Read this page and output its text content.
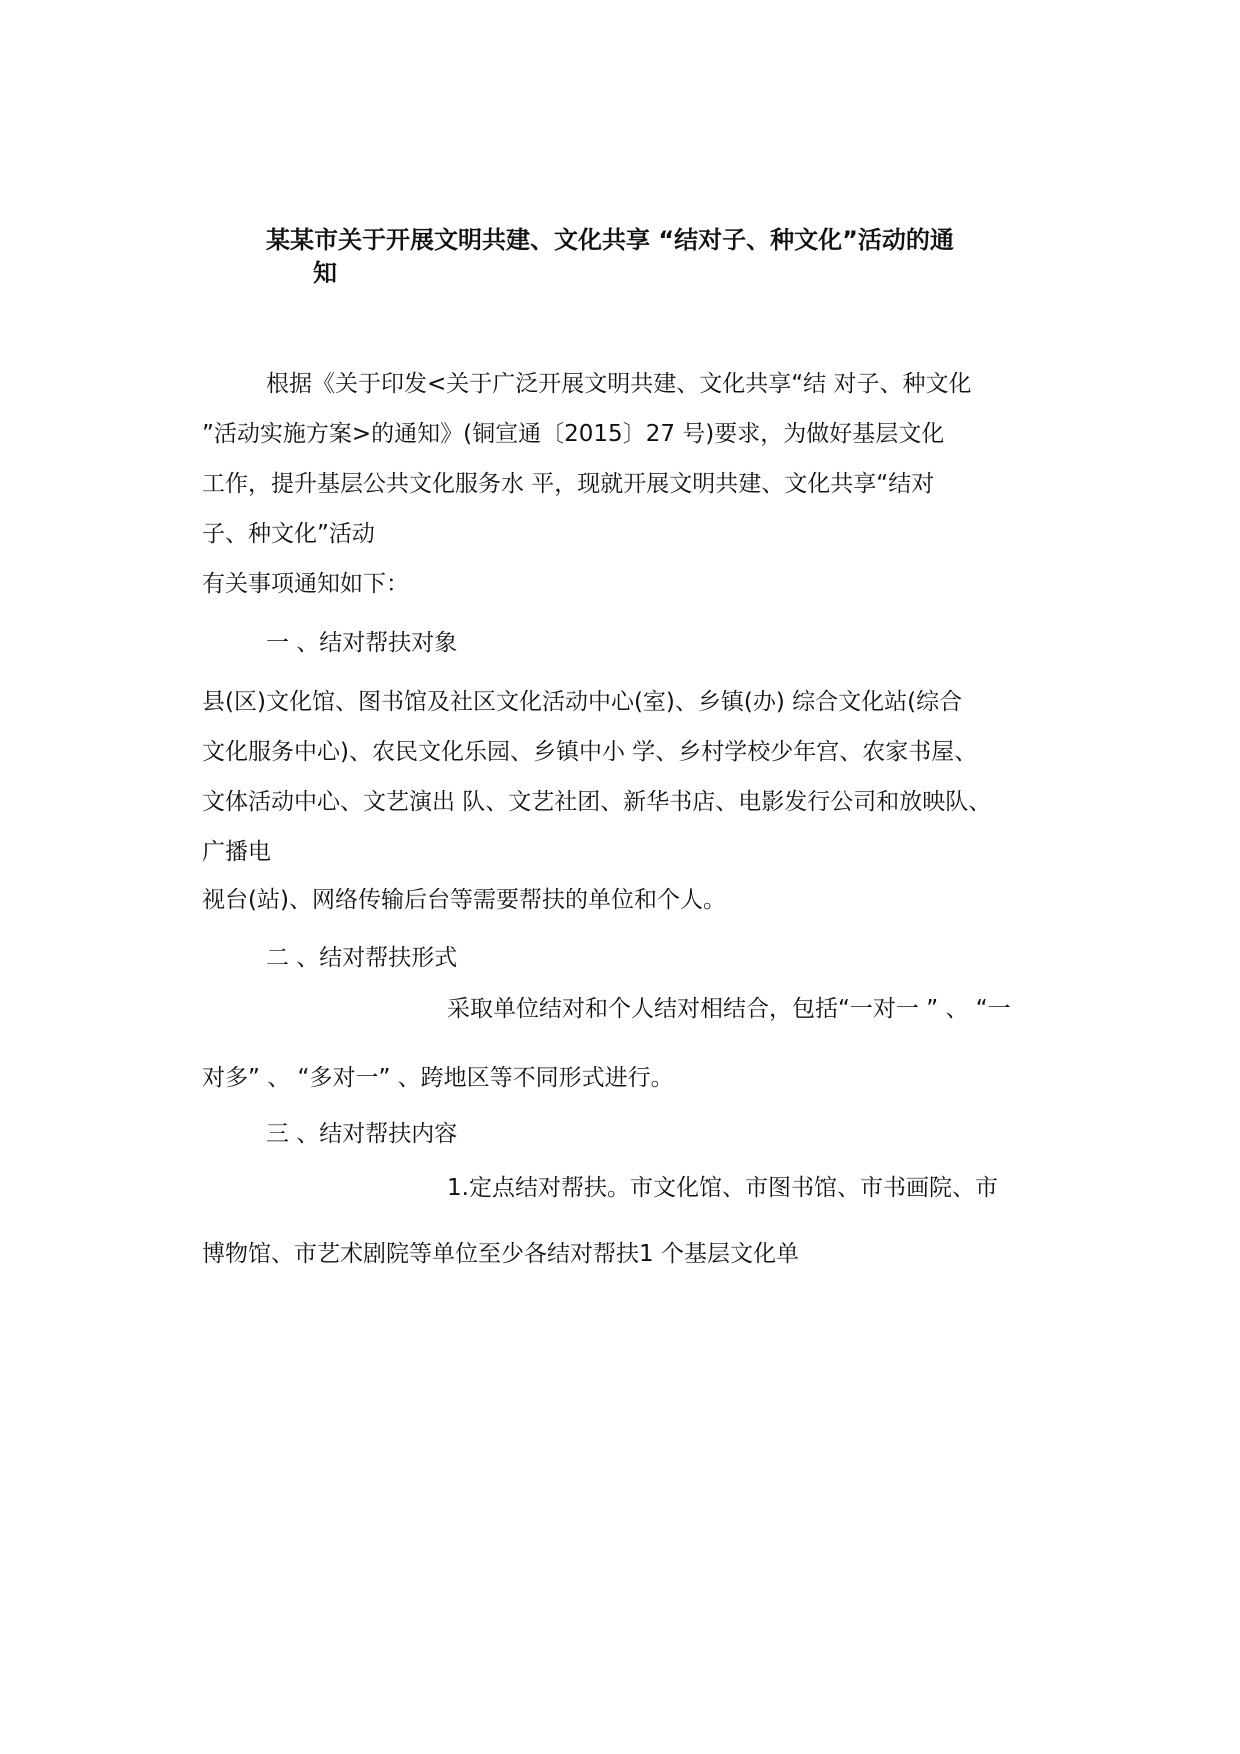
某某市关于开展文明共建、文化共享 “结对子、种文化”活动的通
知
根据《关于印发<关于广泛开展文明共建、文化共享“结 对子、种文化
”活动实施方案>的通知》(铜宣通〔2015〕27 号)要求，为做好基层文化
工作，提升基层公共文化服务水 平，现就开展文明共建、文化共享“结对
子、种文化”活动
有关事项通知如下：
一 、结对帮扶对象
县(区)文化馆、图书馆及社区文化活动中心(室)、乡镇(办) 综合文化站(综合
文化服务中心)、农民文化乐园、乡镇中小 学、乡村学校少年宫、农家书屋、
文体活动中心、文艺演出 队、文艺社团、新华书店、电影发行公司和放映队、
广播电
视台(站)、网络传输后台等需要帮扶的单位和个人。
二 、结对帮扶形式
采取单位结对和个人结对相结合，包括“一对一 ” 、 “一
对多” 、 “多对一” 、跨地区等不同形式进行。
三 、结对帮扶内容
1.定点结对帮扶。市文化馆、市图书馆、市书画院、市
博物馆、市艺术剧院等单位至少各结对帮扶1 个基层文化单
